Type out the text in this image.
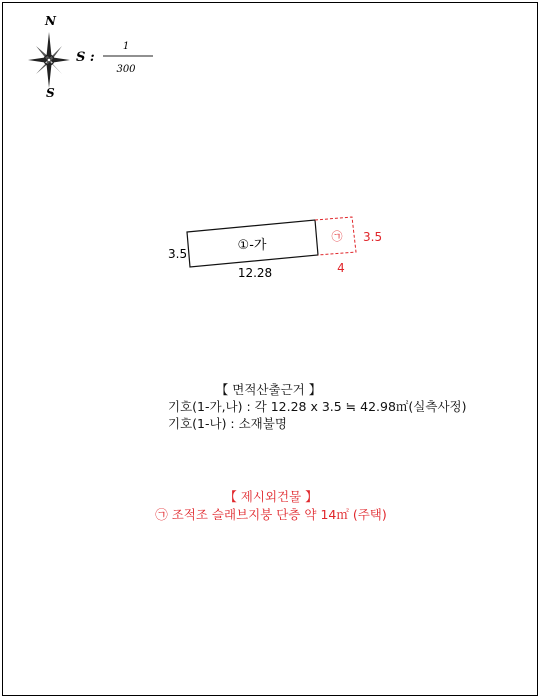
N
S
S :
1
300
①-가
3.5
12.28
㉠ 3.5
4
【 면적산출근거 】
기호(1-가,나) : 각 12.28 x 3.5 ≒ 42.98㎡(실측사정)
기호(1-나) : 소재불명
【 제시외건물 】
㉠ 조적조 슬래브지붕 단층 약 14㎡ (주택)
